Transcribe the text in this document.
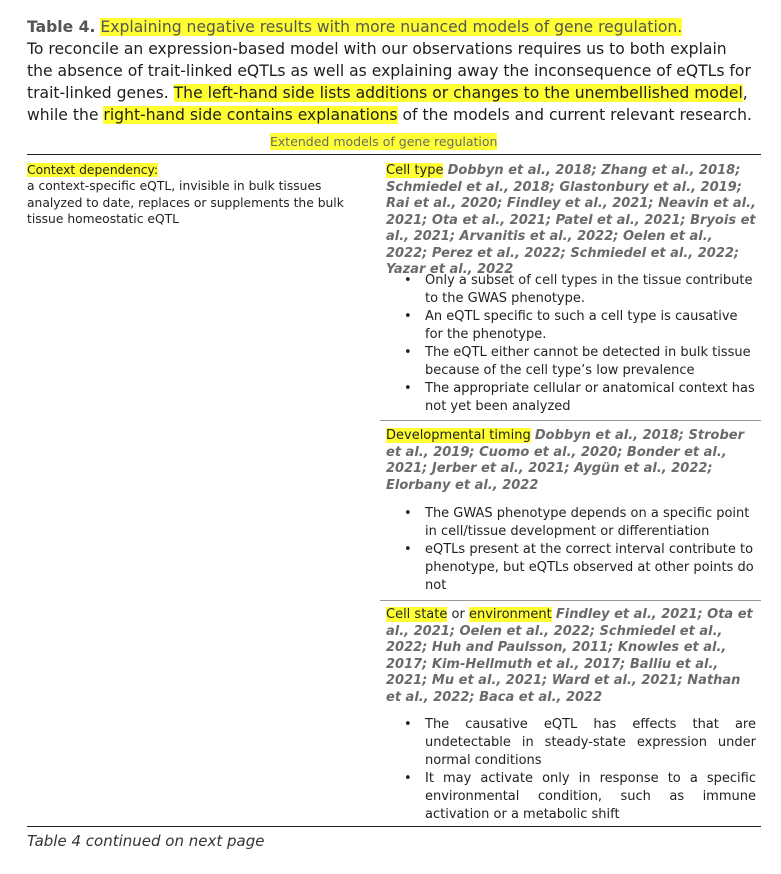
Table 4. Explaining negative results with more nuanced models of gene regulation.
To reconcile an expression-based model with our observations requires us to both explain the absence of trait-linked eQTLs as well as explaining away the inconsequence of eQTLs for trait-linked genes. The left-hand side lists additions or changes to the unembellished model, while the right-hand side contains explanations of the models and current relevant research.
Extended models of gene regulation
Context dependency:
a context-specific eQTL, invisible in bulk tissues analyzed to date, replaces or supplements the bulk tissue homeostatic eQTL
Cell type Dobbyn et al., 2018; Zhang et al., 2018; Schmiedel et al., 2018; Glastonbury et al., 2019; Rai et al., 2020; Findley et al., 2021; Neavin et al., 2021; Ota et al., 2021; Patel et al., 2021; Bryois et al., 2021; Arvanitis et al., 2022; Oelen et al., 2022; Perez et al., 2022; Schmiedel et al., 2022; Yazar et al., 2022
• Only a subset of cell types in the tissue contribute to the GWAS phenotype.
• An eQTL specific to such a cell type is causative for the phenotype.
• The eQTL either cannot be detected in bulk tissue because of the cell type’s low prevalence
• The appropriate cellular or anatomical context has not yet been analyzed
Developmental timing Dobbyn et al., 2018; Strober et al., 2019; Cuomo et al., 2020; Bonder et al., 2021; Jerber et al., 2021; Aygün et al., 2022; Elorbany et al., 2022
• The GWAS phenotype depends on a specific point in cell/tissue development or differentiation
• eQTLs present at the correct interval contribute to phenotype, but eQTLs observed at other points do not
Cell state or environment Findley et al., 2021; Ota et al., 2021; Oelen et al., 2022; Schmiedel et al., 2022; Huh and Paulsson, 2011; Knowles et al., 2017; Kim-Hellmuth et al., 2017; Balliu et al., 2021; Mu et al., 2021; Ward et al., 2021; Nathan et al., 2022; Baca et al., 2022
• The causative eQTL has effects that are undetectable in steady-state expression under normal conditions
• It may activate only in response to a specific environmental condition, such as immune activation or a metabolic shift
Table 4 continued on next page
